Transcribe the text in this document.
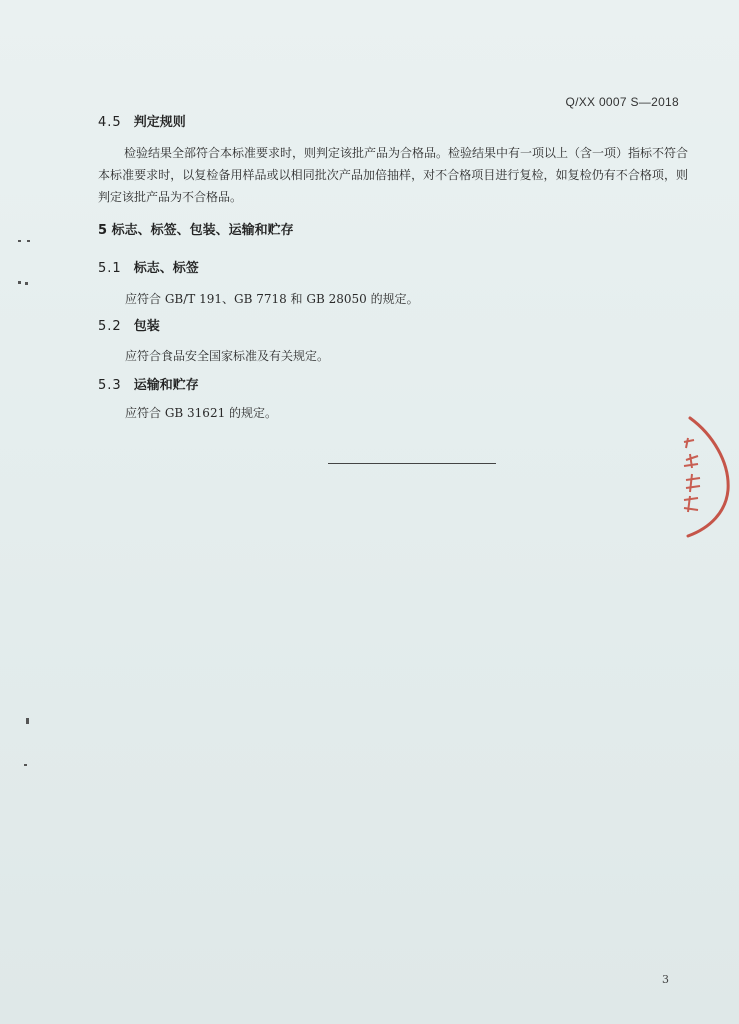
Q/XX 0007 S—2018
4.5 判定规则
检验结果全部符合本标准要求时，则判定该批产品为合格品。检验结果中有一项以上（含一项）指标不符合本标准要求时，以复检备用样品或以相同批次产品加倍抽样，对不合格项目进行复检，如复检仍有不合格项，则判定该批产品为不合格品。
5 标志、标签、包装、运输和贮存
5.1 标志、标签
应符合 GB/T 191、GB 7718 和 GB 28050 的规定。
5.2 包装
应符合食品安全国家标准及有关规定。
5.3 运输和贮存
应符合 GB 31621 的规定。
3
